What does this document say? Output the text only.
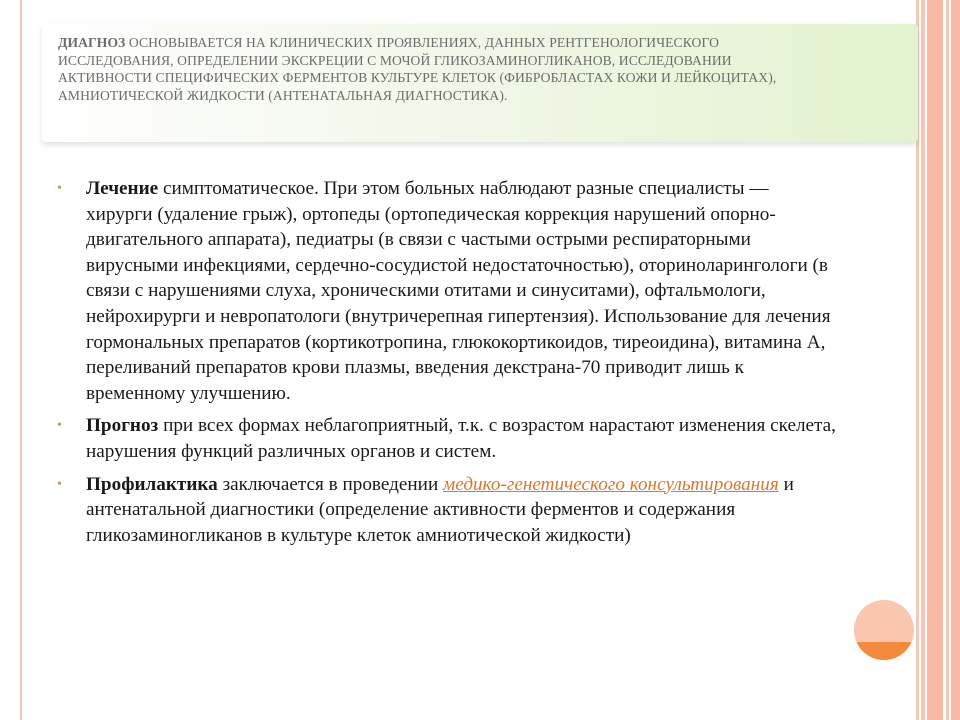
ДИАГНОЗ ОСНОВЫВАЕТСЯ НА КЛИНИЧЕСКИХ ПРОЯВЛЕНИЯХ, ДАННЫХ РЕНТГЕНОЛОГИЧЕСКОГО ИССЛЕДОВАНИЯ, ОПРЕДЕЛЕНИИ ЭКСКРЕЦИИ С МОЧОЙ ГЛИКОЗАМИНОГЛИКАНОВ, ИССЛЕДОВАНИИ АКТИВНОСТИ СПЕЦИФИЧЕСКИХ ФЕРМЕНТОВ КУЛЬТУРЕ КЛЕТОК (ФИБРОБЛАСТАХ КОЖИ И ЛЕЙКОЦИТАХ), АМНИОТИЧЕСКОЙ ЖИДКОСТИ (АНТЕНАТАЛЬНАЯ ДИАГНОСТИКА).
• Лечение симптоматическое. При этом больных наблюдают разные специалисты — хирурги (удаление грыж), ортопеды (ортопедическая коррекция нарушений опорно-двигательного аппарата), педиатры (в связи с частыми острыми респираторными вирусными инфекциями, сердечно-сосудистой недостаточностью), оториноларингологи (в связи с нарушениями слуха, хроническими отитами и синуситами), офтальмологи, нейрохирурги и невропатологи (внутричерепная гипертензия). Использование для лечения гормональных препаратов (кортикотропина, глюкокортикоидов, тиреоидина), витамина А, переливаний препаратов крови плазмы, введения декстрана-70 приводит лишь к временному улучшению.
• Прогноз при всех формах неблагоприятный, т.к. с возрастом нарастают изменения скелета, нарушения функций различных органов и систем.
• Профилактика заключается в проведении медико-генетического консультирования и антенатальной диагностики (определение активности ферментов и содержания гликозаминогликанов в культуре клеток амниотической жидкости)
